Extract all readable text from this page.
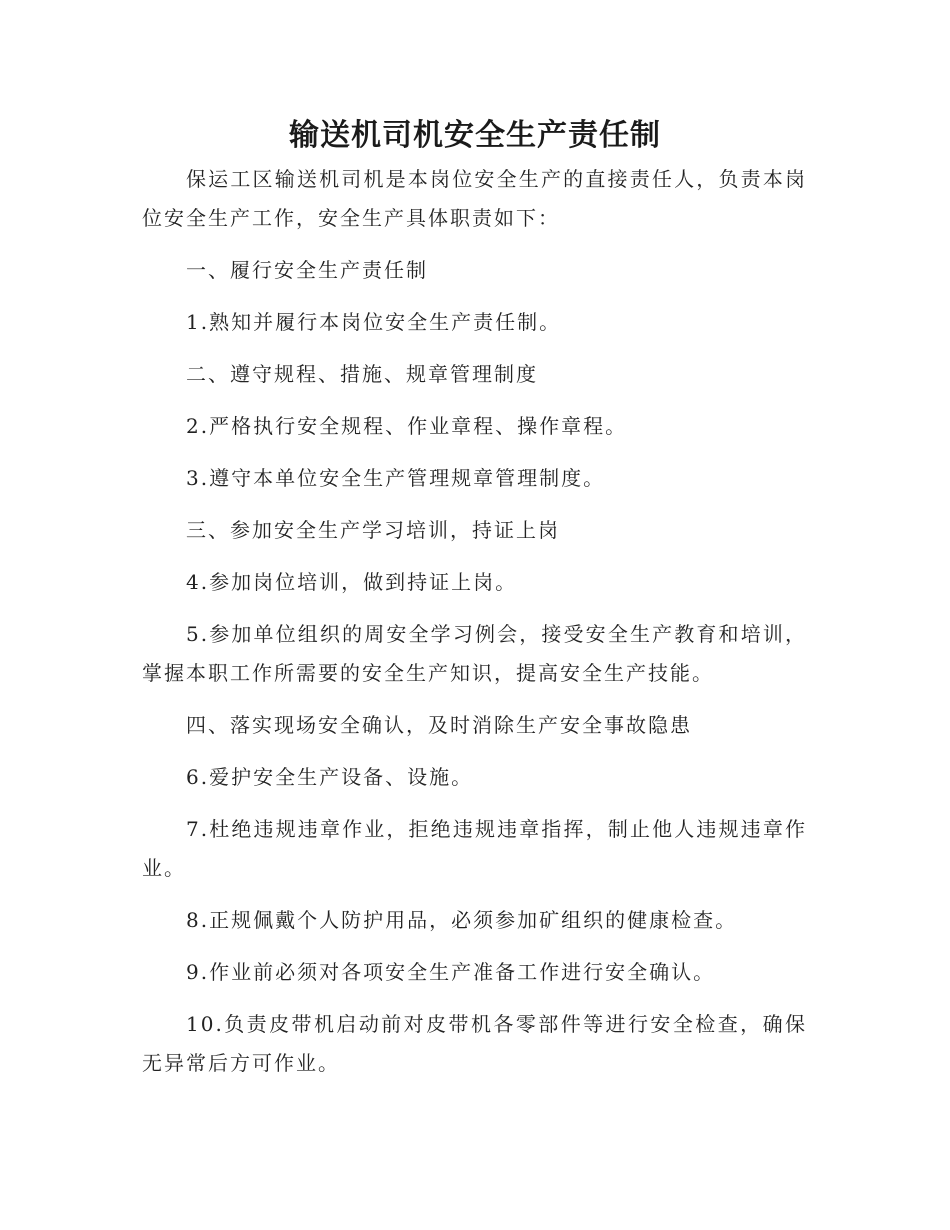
输送机司机安全生产责任制

保运工区输送机司机是本岗位安全生产的直接责任人，负责本岗位安全生产工作，安全生产具体职责如下：

一、履行安全生产责任制

1.熟知并履行本岗位安全生产责任制。

二、遵守规程、措施、规章管理制度

2.严格执行安全规程、作业章程、操作章程。

3.遵守本单位安全生产管理规章管理制度。

三、参加安全生产学习培训，持证上岗

4.参加岗位培训，做到持证上岗。

5.参加单位组织的周安全学习例会，接受安全生产教育和培训，掌握本职工作所需要的安全生产知识，提高安全生产技能。

四、落实现场安全确认，及时消除生产安全事故隐患

6.爱护安全生产设备、设施。

7.杜绝违规违章作业，拒绝违规违章指挥，制止他人违规违章作业。

8.正规佩戴个人防护用品，必须参加矿组织的健康检查。

9.作业前必须对各项安全生产准备工作进行安全确认。

10.负责皮带机启动前对皮带机各零部件等进行安全检查，确保无异常后方可作业。
